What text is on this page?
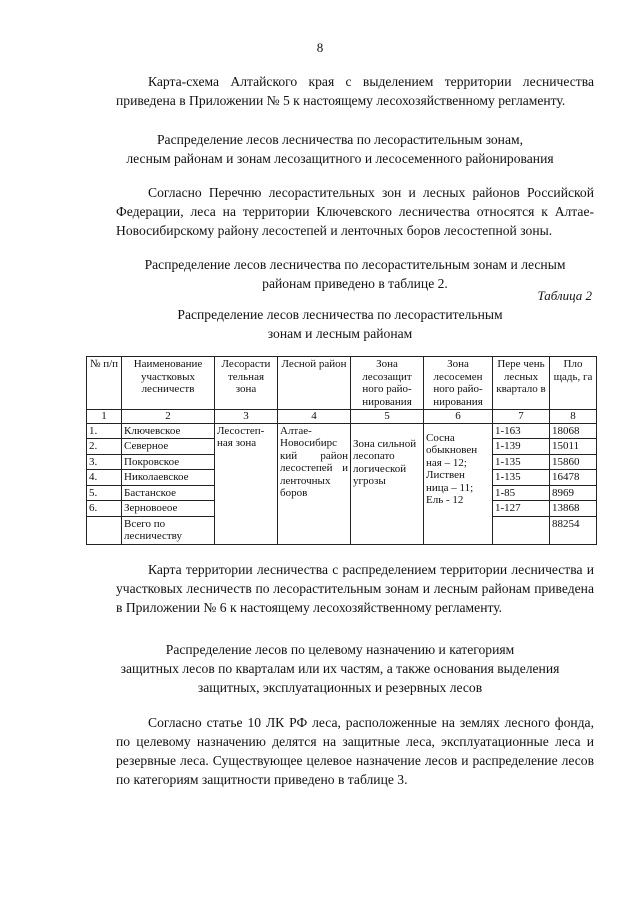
8

Карта-схема Алтайского края с выделением территории лесничества приведена в Приложении № 5 к настоящему лесохозяйственному регламенту.

Распределение лесов лесничества по лесорастительным зонам,
лесным районам и зонам лесозащитного и лесосеменного районирования

Согласно Перечню лесорастительных зон и лесных районов Российской Федерации, леса на территории Ключевского лесничества относятся к Алтае-Новосибирскому району лесостепей и ленточных боров лесостепной зоны.

Распределение лесов лесничества по лесорастительным зонам и лесным
районам приведено в таблице 2.
Таблица 2
Распределение лесов лесничества по лесорастительным
зонам и лесным районам
№ п/п	Наименование участковых лесничеств	Лесорасти тельная зона	Лесной район	Зона лесозащит ного райо-нирования	Зона лесосемен ного райо-нирования	Пере чень лесных квартало в	Пло щадь, га
1	2	3	4	5	6	7	8
1.	Ключевское	Лесостеп-ная зона	Алтае-Новосибирс кий район лесостепей и ленточных боров	Зона сильной лесопато логической угрозы	Сосна обыкновен ная – 12; Листвен ница – 11; Ель - 12	1-163	18068
2.	Северное					1-139	15011
3.	Покровское					1-135	15860
4.	Николаевское					1-135	16478
5.	Бастанское					1-85	8969
6.	Зерновоеое					1-127	13868
	Всего по лесничеству						88254

Карта территории лесничества с распределением территории лесничества и участковых лесничеств по лесорастительным зонам и лесным районам приведена в Приложении № 6 к настоящему лесохозяйственному регламенту.

Распределение лесов по целевому назначению и категориям
защитных лесов по кварталам или их частям, а также основания выделения
защитных, эксплуатационных и резервных лесов

Согласно статье 10 ЛК РФ леса, расположенные на землях лесного фонда, по целевому назначению делятся на защитные леса, эксплуатационные леса и резервные леса. Существующее целевое назначение лесов и распределение лесов по категориям защитности приведено в таблице 3.
